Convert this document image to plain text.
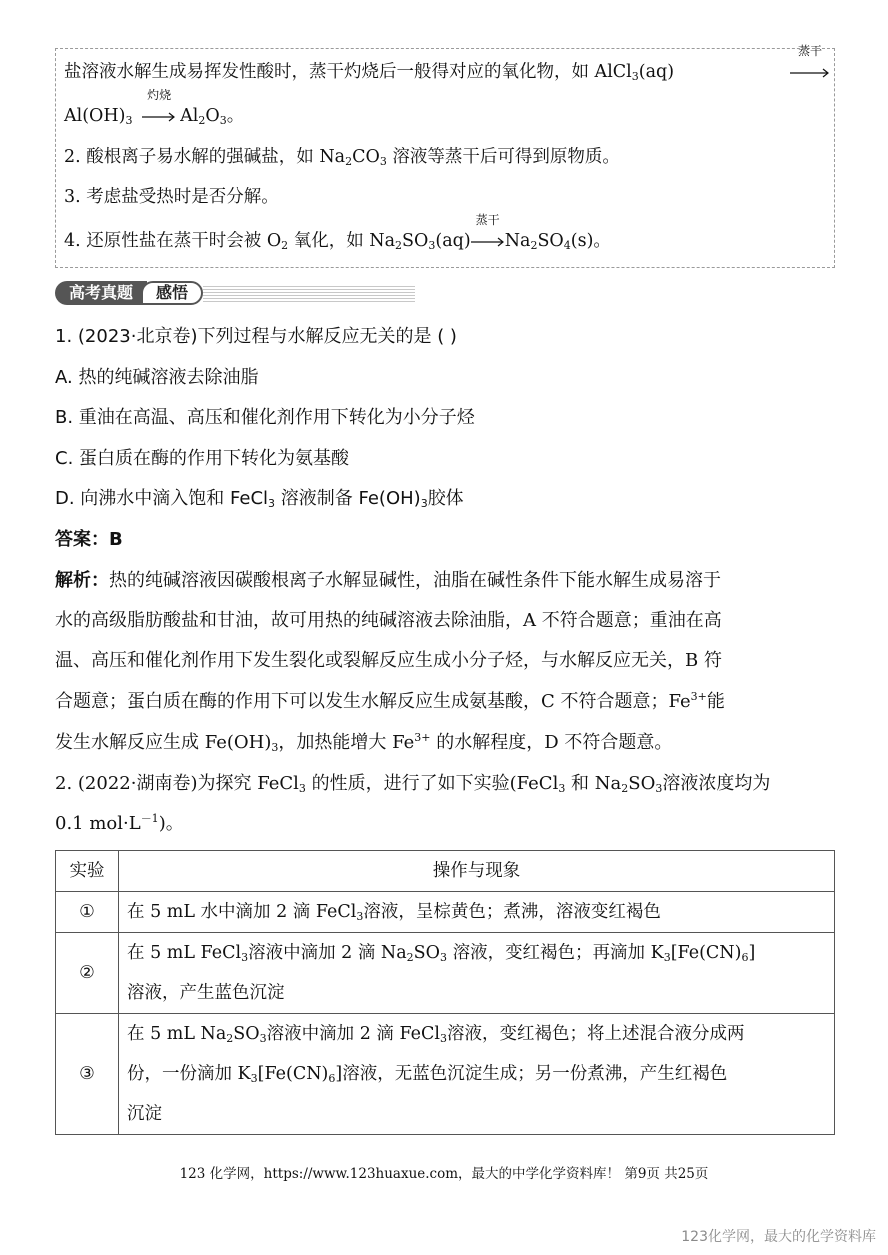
盐溶液水解生成易挥发性酸时，蒸干灼烧后一般得对应的氧化物，如 AlCl$_3$(aq)
蒸干
$Al(OH)_3$
灼烧
$Al_2O_3$。
2. 酸根离子易水解的强碱盐，如 $Na_2CO_3$ 溶液等蒸干后可得到原物质。
3. 考虑盐受热时是否分解。
4. 还原性盐在蒸干时会被 $O_2$ 氧化，如 $Na_2SO_3(aq)$
蒸干
$Na_2SO_4(s)$。
高考真题	感悟
1. (2023·北京卷)下列过程与水解反应无关的是 ( )
A. 热的纯碱溶液去除油脂
B. 重油在高温、高压和催化剂作用下转化为小分子烃
C. 蛋白质在酶的作用下转化为氨基酸
D. 向沸水中滴入饱和 FeCl$_3$ 溶液制备 $Fe(OH)_3$胶体
答案：B
解析：热的纯碱溶液因碳酸根离子水解显碱性，油脂在碱性条件下能水解生成易溶于
水的高级脂肪酸盐和甘油，故可用热的纯碱溶液去除油脂，A 不符合题意；重油在高
温、高压和催化剂作用下发生裂化或裂解反应生成小分子烃，与水解反应无关，B 符
合题意；蛋白质在酶的作用下可以发生水解反应生成氨基酸，C 不符合题意；$Fe^{3+}$能
发生水解反应生成 $Fe(OH)_3$，加热能增大 $Fe^{3+}$ 的水解程度，D 不符合题意。
2. (2022·湖南卷)为探究 FeCl$_3$ 的性质，进行了如下实验(FeCl$_3$ 和 $Na_2SO_3$溶液浓度均为
0.1 $mol\cdot L^{-1}$)。
实验	操作与现象
①	在 5 mL 水中滴加 2 滴 FeCl$_3$溶液，呈棕黄色；煮沸，溶液变红褐色
②	在 5 mL FeCl$_3$溶液中滴加 2 滴 $Na_2SO_3$ 溶液，变红褐色；再滴加 $K_3[Fe(CN)_6]$
溶液，产生蓝色沉淀

③	在 5 mL $Na_2SO_3$溶液中滴加 2 滴 FeCl$_3$溶液，变红褐色；将上述混合液分成两
份，一份滴加 $K_3[Fe(CN)_6]$溶液，无蓝色沉淀生成；另一份煮沸，产生红褐色
沉淀
123 化学网，https://www.123huaxue.com，最大的中学化学资料库！ 第9页 共25页
123化学网，最大的化学资料库
